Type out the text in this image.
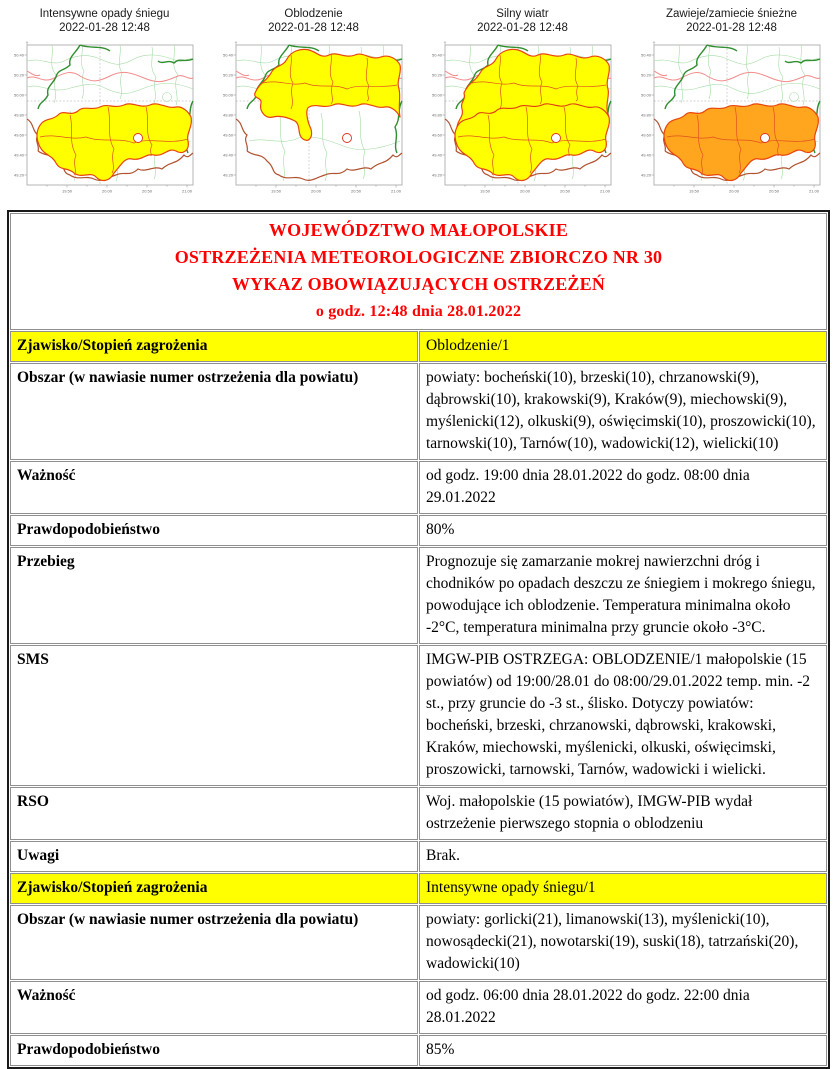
Intensywne opady śniegu
2022-01-28 12:48
50.40
50.20
50.00
49.80
49.60
49.40
49.20
19.50	20.00	20.50	21.00
Oblodzenie
2022-01-28 12:48
50.40
50.20
50.00
49.80
49.60
49.40
49.20
19.50	20.00	20.50	21.00
Silny wiatr
2022-01-28 12:48
50.40
50.20
50.00
49.80
49.60
49.40
49.20
19.50	20.00	20.50	21.00
Zawieje/zamiecie śnieżne
2022-01-28 12:48
50.40
50.20
50.00
49.80
49.60
49.40
49.20
19.50	20.00	20.50	21.00
WOJEWÓDZTWO MAŁOPOLSKIE
OSTRZEŻENIA METEOROLOGICZNE ZBIORCZO NR 30
WYKAZ OBOWIĄZUJĄCYCH OSTRZEŻEŃ
o godz. 12:48 dnia 28.01.2022	

Zjawisko/Stopień zagrożenia	Oblodzenie/1
Obszar (w nawiasie numer ostrzeżenia dla powiatu)	powiaty: bocheński(10), brzeski(10), chrzanowski(9), dąbrowski(10), krakowski(9), Kraków(9), miechowski(9), myślenicki(12), olkuski(9), oświęcimski(10), proszowicki(10), tarnowski(10), Tarnów(10), wadowicki(12), wielicki(10)
Ważność	od godz. 19:00 dnia 28.01.2022 do godz. 08:00 dnia 29.01.2022
Prawdopodobieństwo	80%
Przebieg	Prognozuje się zamarzanie mokrej nawierzchni dróg i chodników po opadach deszczu ze śniegiem i mokrego śniegu, powodujące ich oblodzenie. Temperatura minimalna około -2°C, temperatura minimalna przy gruncie około -3°C.
SMS	IMGW-PIB OSTRZEGA: OBLODZENIE/1 małopolskie (15 powiatów) od 19:00/28.01 do 08:00/29.01.2022 temp. min. -2 st., przy gruncie do -3 st., ślisko. Dotyczy powiatów: bocheński, brzeski, chrzanowski, dąbrowski, krakowski, Kraków, miechowski, myślenicki, olkuski, oświęcimski, proszowicki, tarnowski, Tarnów, wadowicki i wielicki.
RSO	Woj. małopolskie (15 powiatów), IMGW-PIB wydał ostrzeżenie pierwszego stopnia o oblodzeniu
Uwagi	Brak.
Zjawisko/Stopień zagrożenia	Intensywne opady śniegu/1
Obszar (w nawiasie numer ostrzeżenia dla powiatu)	powiaty: gorlicki(21), limanowski(13), myślenicki(10), nowosądecki(21), nowotarski(19), suski(18), tatrzański(20), wadowicki(10)
Ważność	od godz. 06:00 dnia 28.01.2022 do godz. 22:00 dnia 28.01.2022
Prawdopodobieństwo	85%
